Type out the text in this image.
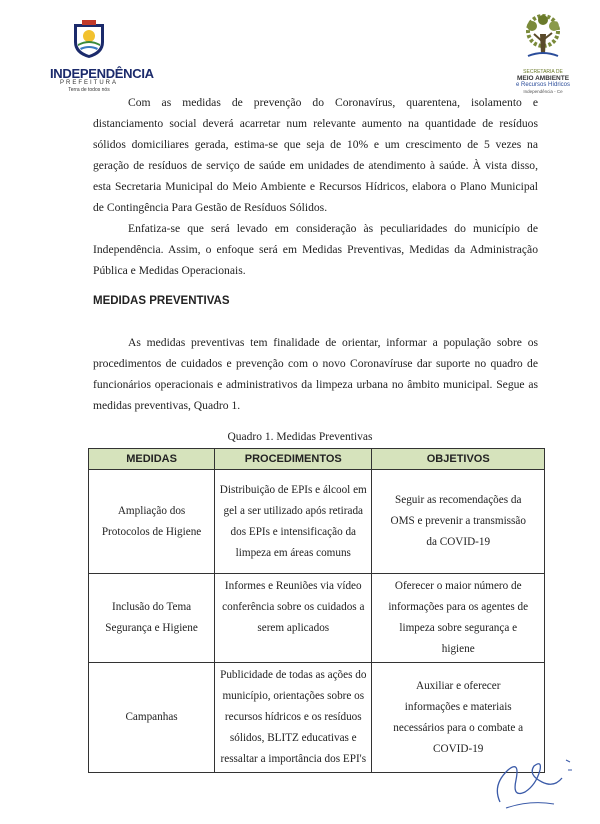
INDEPENDÊNCIA
PREFEITURA
Terra de todos nós
SECRETARIA DE
MEIO AMBIENTE
e Recursos Hídricos
Independência - Ce
Com as medidas de prevenção do Coronavírus, quarentena, isolamento e
distanciamento social deverá acarretar num relevante aumento na quantidade de resíduos
sólidos domiciliares gerada, estima-se que seja de 10% e um crescimento de 5 vezes na
geração de resíduos de serviço de saúde em unidades de atendimento à saúde. À vista disso,
esta Secretaria Municipal do Meio Ambiente e Recursos Hídricos, elabora o Plano Municipal
de Contingência Para Gestão de Resíduos Sólidos.
Enfatiza-se que será levado em consideração às peculiaridades do município de
Independência. Assim, o enfoque será em Medidas Preventivas, Medidas da Administração
Pública e Medidas Operacionais.
MEDIDAS PREVENTIVAS
As medidas preventivas tem finalidade de orientar, informar a população sobre os
procedimentos de cuidados e prevenção com o novo Coronavíruse dar suporte no quadro de
funcionários operacionais e administrativos da limpeza urbana no âmbito municipal. Segue as
medidas preventivas, Quadro 1.
Quadro 1. Medidas Preventivas
MEDIDAS	PROCEDIMENTOS	OBJETIVOS

Ampliação dos
Protocolos de Higiene	Distribuição de EPIs e álcool em
gel a ser utilizado após retirada
dos EPIs e intensificação da
limpeza em áreas comuns	Seguir as recomendações da
OMS e prevenir a transmissão
da COVID-19

Inclusão do Tema
Segurança e Higiene	Informes e Reuniões via vídeo
conferência sobre os cuidados a
serem aplicados	Oferecer o maior número de
informações para os agentes de
limpeza sobre segurança e
higiene

Campanhas	Publicidade de todas as ações do
município, orientações sobre os
recursos hídricos e os resíduos
sólidos, BLITZ educativas e
ressaltar a importância dos EPI's	Auxiliar e oferecer
informações e materiais
necessários para o combate a
COVID-19
